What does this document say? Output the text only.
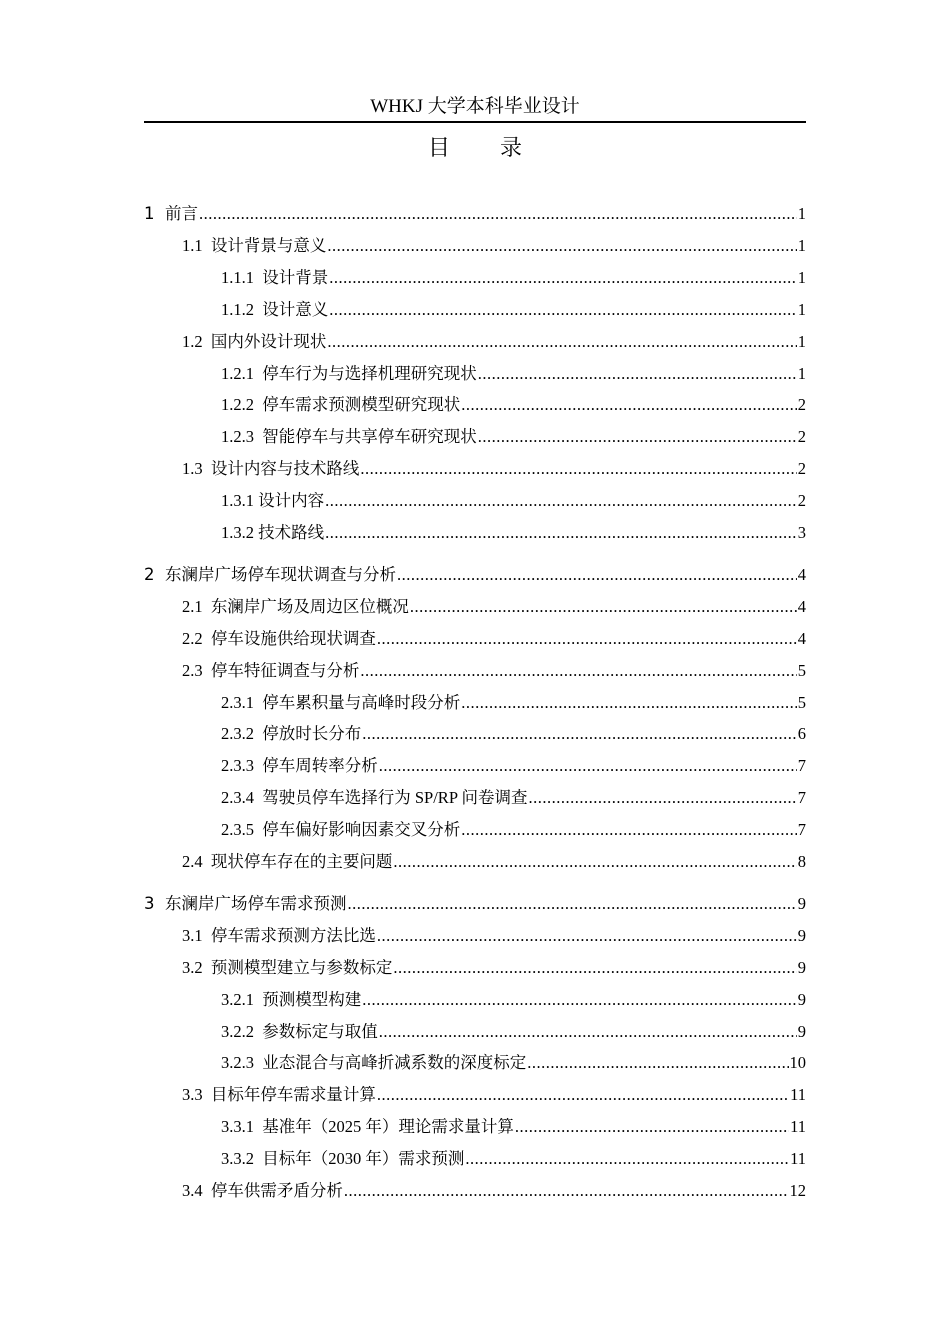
WHKJ 大学本科毕业设计
目 录
1 前言 .....	1
1.1 设计背景与意义 .....	1
1.1.1 设计背景 .....	1
1.1.2 设计意义 .....	1
1.2 国内外设计现状 .....	1
1.2.1 停车行为与选择机理研究现状 .....	1
1.2.2 停车需求预测模型研究现状 .....	2
1.2.3 智能停车与共享停车研究现状 .....	2
1.3 设计内容与技术路线 .....	2
1.3.1 设计内容 .....	2
1.3.2 技术路线 .....	3
2 东澜岸广场停车现状调查与分析 .....	4
2.1 东澜岸广场及周边区位概况 .....	4
2.2 停车设施供给现状调查 .....	4
2.3 停车特征调查与分析 .....	5
2.3.1 停车累积量与高峰时段分析 .....	5
2.3.2 停放时长分布 .....	6
2.3.3 停车周转率分析 .....	7
2.3.4 驾驶员停车选择行为 SP/RP 问卷调查 .....	7
2.3.5 停车偏好影响因素交叉分析 .....	7
2.4 现状停车存在的主要问题 .....	8
3 东澜岸广场停车需求预测 .....	9
3.1 停车需求预测方法比选 .....	9
3.2 预测模型建立与参数标定 .....	9
3.2.1 预测模型构建 .....	9
3.2.2 参数标定与取值 .....	9
3.2.3 业态混合与高峰折减系数的深度标定 .....	10
3.3 目标年停车需求量计算 .....	11
3.3.1 基准年（2025 年）理论需求量计算 .....	11
3.3.2 目标年（2030 年）需求预测 .....	11
3.4 停车供需矛盾分析 .....	12
